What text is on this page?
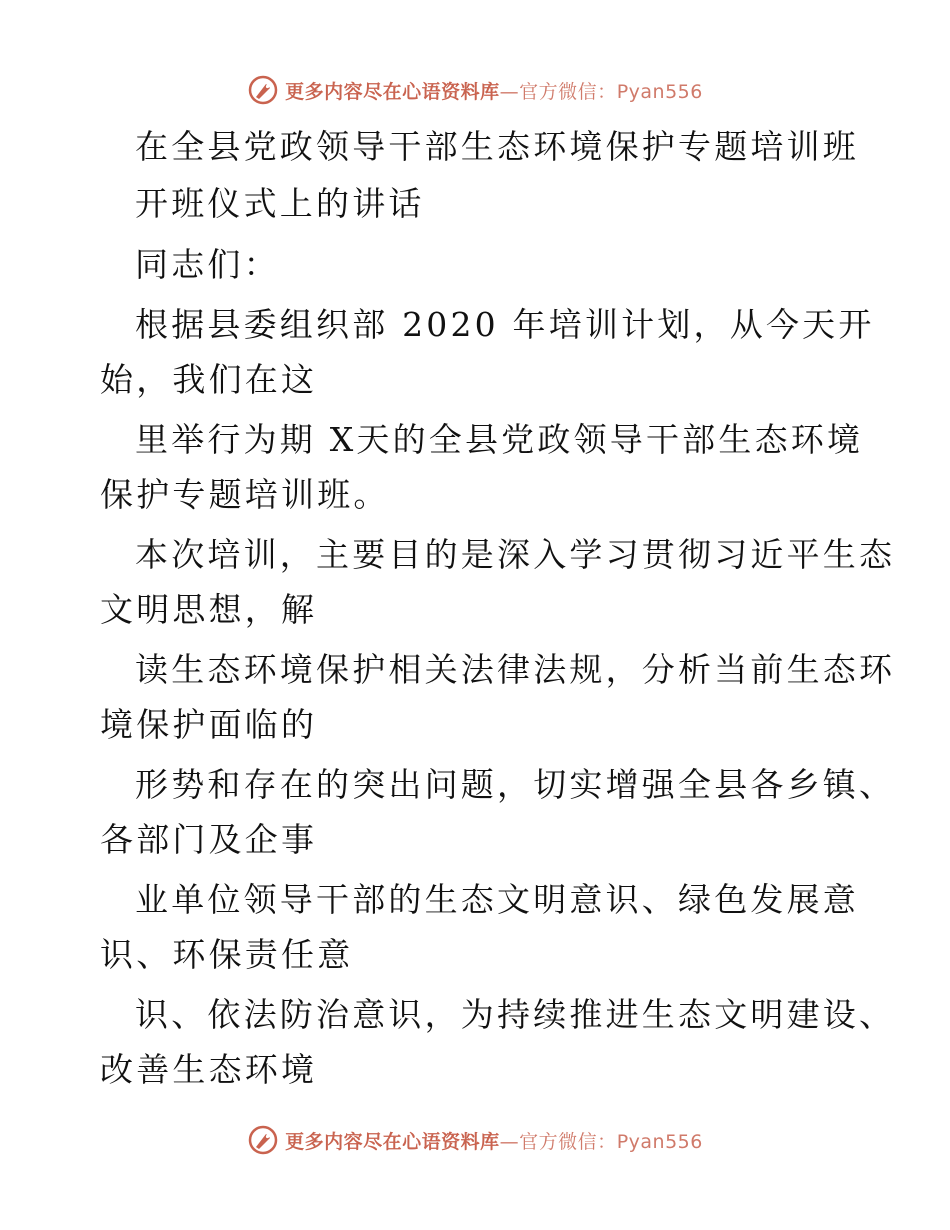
更多内容尽在心语资料库—官方微信：Pyan556
在全县党政领导干部生态环境保护专题培训班
开班仪式上的讲话
同志们：
根据县委组织部 2020 年培训计划，从今天开
始，我们在这
里举行为期 X天的全县党政领导干部生态环境
保护专题培训班。
本次培训，主要目的是深入学习贯彻习近平生态
文明思想，解
读生态环境保护相关法律法规，分析当前生态环
境保护面临的
形势和存在的突出问题，切实增强全县各乡镇、
各部门及企事
业单位领导干部的生态文明意识、绿色发展意
识、环保责任意
识、依法防治意识，为持续推进生态文明建设、
改善生态环境
更多内容尽在心语资料库—官方微信：Pyan556
